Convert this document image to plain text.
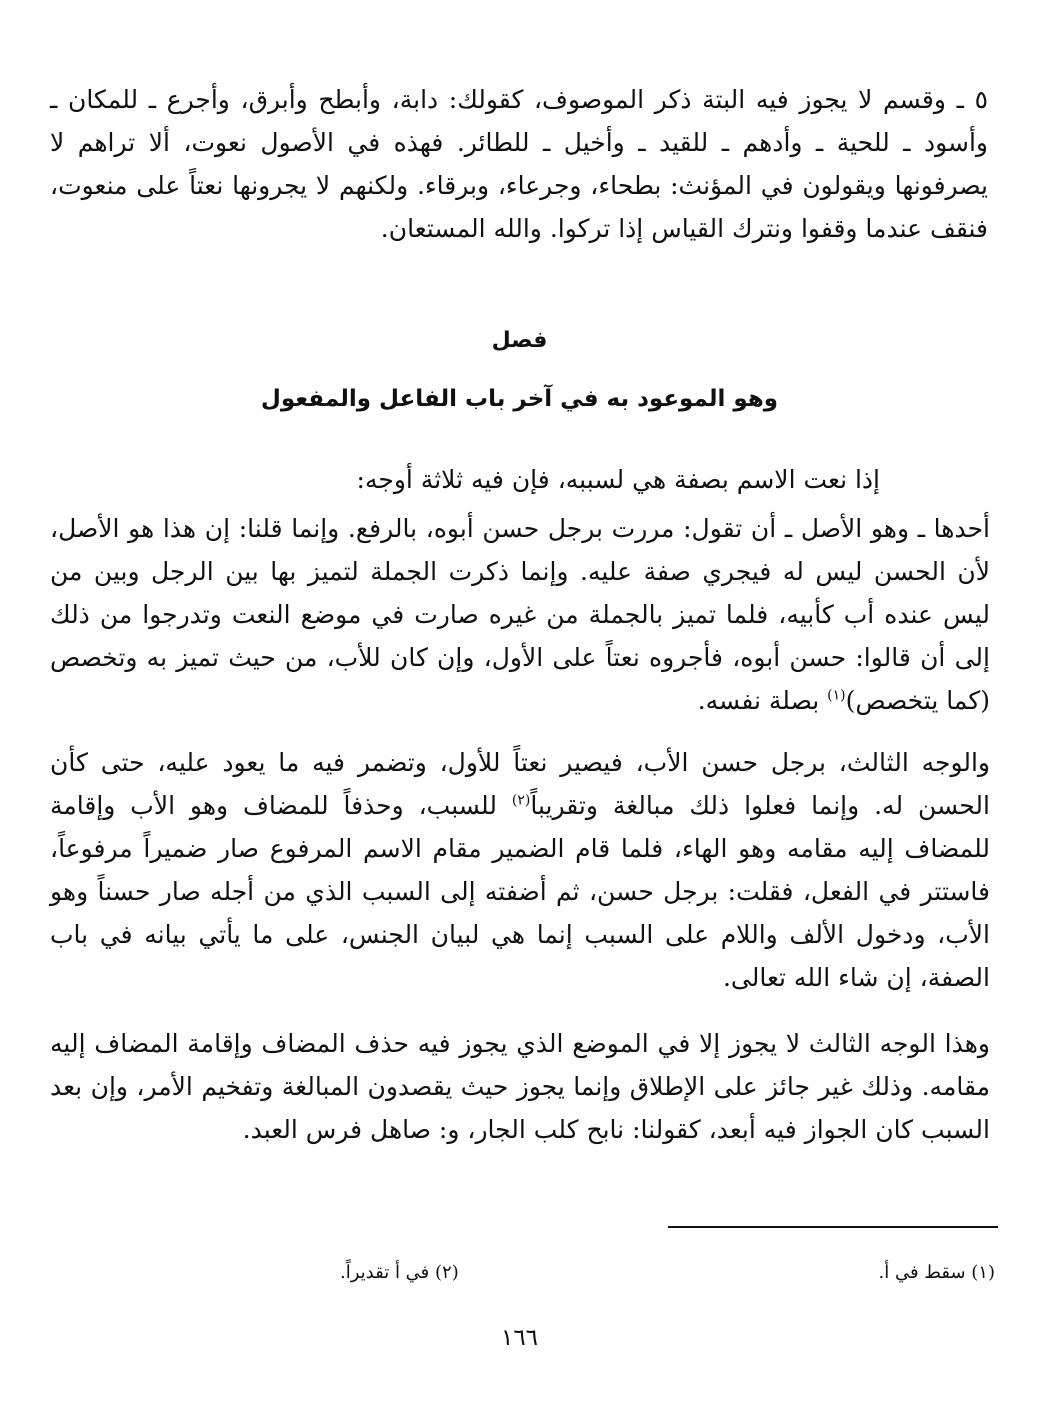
٥ ـ وقسم لا يجوز فيه البتة ذكر الموصوف، كقولك: دابة، وأبطح وأبرق، وأجرع ـ للمكان ـ وأسود ـ للحية ـ وأدهم ـ للقيد ـ وأخيل ـ للطائر. فهذه في الأصول نعوت، ألا تراهم لا يصرفونها ويقولون في المؤنث: بطحاء، وجرعاء، وبرقاء. ولكنهم لا يجرونها نعتاً على منعوت، فنقف عندما وقفوا ونترك القياس إذا تركوا. والله المستعان.
فصل
وهو الموعود به في آخر باب الفاعل والمفعول
إذا نعت الاسم بصفة هي لسببه، فإن فيه ثلاثة أوجه:
أحدها ـ وهو الأصل ـ أن تقول: مررت برجل حسن أبوه، بالرفع. وإنما قلنا: إن هذا هو الأصل، لأن الحسن ليس له فيجري صفة عليه. وإنما ذكرت الجملة لتميز بها بين الرجل وبين من ليس عنده أب كأبيه، فلما تميز بالجملة من غيره صارت في موضع النعت وتدرجوا من ذلك إلى أن قالوا: حسن أبوه، فأجروه نعتاً على الأول، وإن كان للأب، من حيث تميز به وتخصص (كما يتخصص)$^{(١)}$ بصلة نفسه.
والوجه الثالث، برجل حسن الأب، فيصير نعتاً للأول، وتضمر فيه ما يعود عليه، حتى كأن الحسن له. وإنما فعلوا ذلك مبالغة وتقريباً$^{(٢)}$ للسبب، وحذفاً للمضاف وهو الأب وإقامة للمضاف إليه مقامه وهو الهاء، فلما قام الضمير مقام الاسم المرفوع صار ضميراً مرفوعاً، فاستتر في الفعل، فقلت: برجل حسن، ثم أضفته إلى السبب الذي من أجله صار حسناً وهو الأب، ودخول الألف واللام على السبب إنما هي لبيان الجنس، على ما يأتي بيانه في باب الصفة، إن شاء الله تعالى.
وهذا الوجه الثالث لا يجوز إلا في الموضع الذي يجوز فيه حذف المضاف وإقامة المضاف إليه مقامه. وذلك غير جائز على الإطلاق وإنما يجوز حيث يقصدون المبالغة وتفخيم الأمر، وإن بعد السبب كان الجواز فيه أبعد، كقولنا: نابح كلب الجار، و: صاهل فرس العبد.
(١) سقط في أ.
(٢) في أ تقديراً.
١٦٦
